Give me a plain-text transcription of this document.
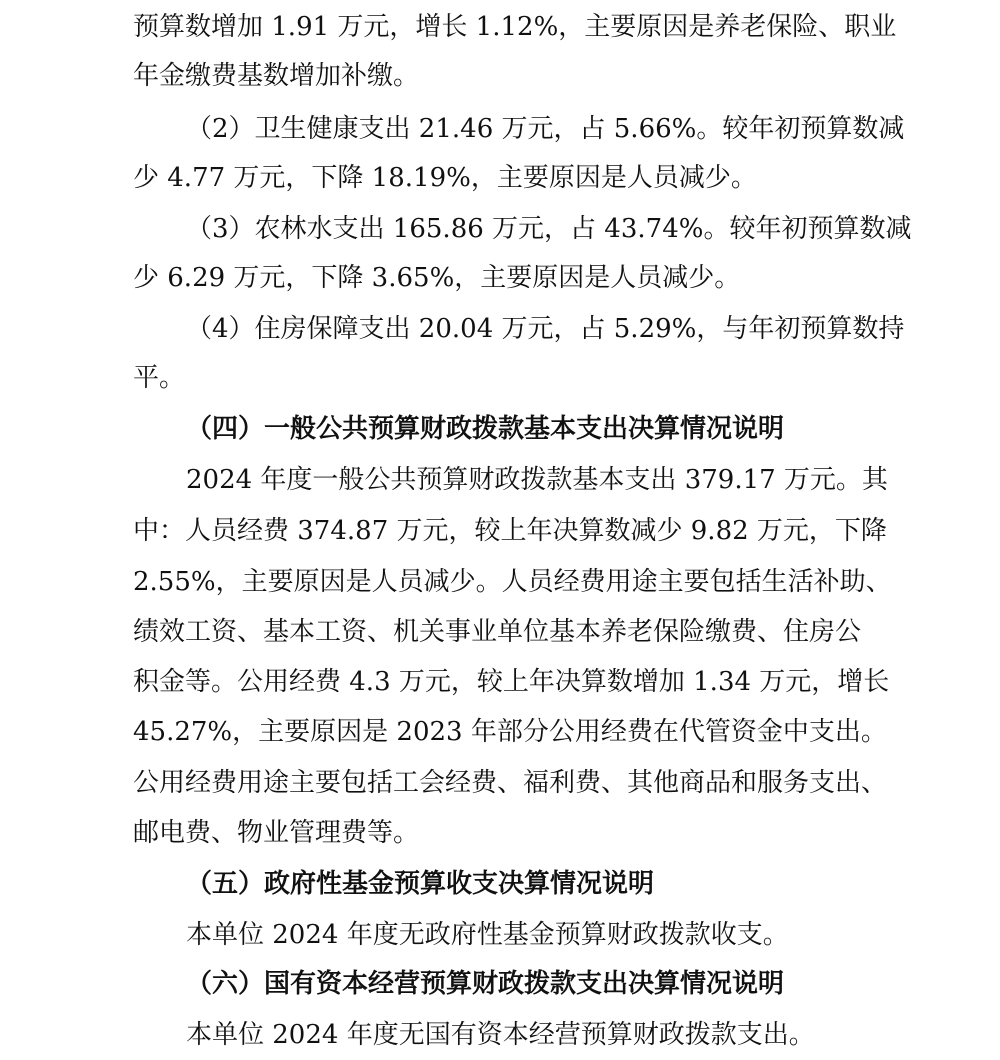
预算数增加 1.91 万元，增长 1.12%，主要原因是养老保险、职业
年金缴费基数增加补缴。
（2）卫生健康支出 21.46 万元，占 5.66%。较年初预算数减
少 4.77 万元，下降 18.19%，主要原因是人员减少。
（3）农林水支出 165.86 万元，占 43.74%。较年初预算数减
少 6.29 万元，下降 3.65%，主要原因是人员减少。
（4）住房保障支出 20.04 万元，占 5.29%，与年初预算数持
平。
（四）一般公共预算财政拨款基本支出决算情况说明
2024 年度一般公共预算财政拨款基本支出 379.17 万元。其
中：人员经费 374.87 万元，较上年决算数减少 9.82 万元，下降
2.55%，主要原因是人员减少。人员经费用途主要包括生活补助、
绩效工资、基本工资、机关事业单位基本养老保险缴费、住房公
积金等。公用经费 4.3 万元，较上年决算数增加 1.34 万元，增长
45.27%，主要原因是 2023 年部分公用经费在代管资金中支出。
公用经费用途主要包括工会经费、福利费、其他商品和服务支出、
邮电费、物业管理费等。
（五）政府性基金预算收支决算情况说明
本单位 2024 年度无政府性基金预算财政拨款收支。
（六）国有资本经营预算财政拨款支出决算情况说明
本单位 2024 年度无国有资本经营预算财政拨款支出。
